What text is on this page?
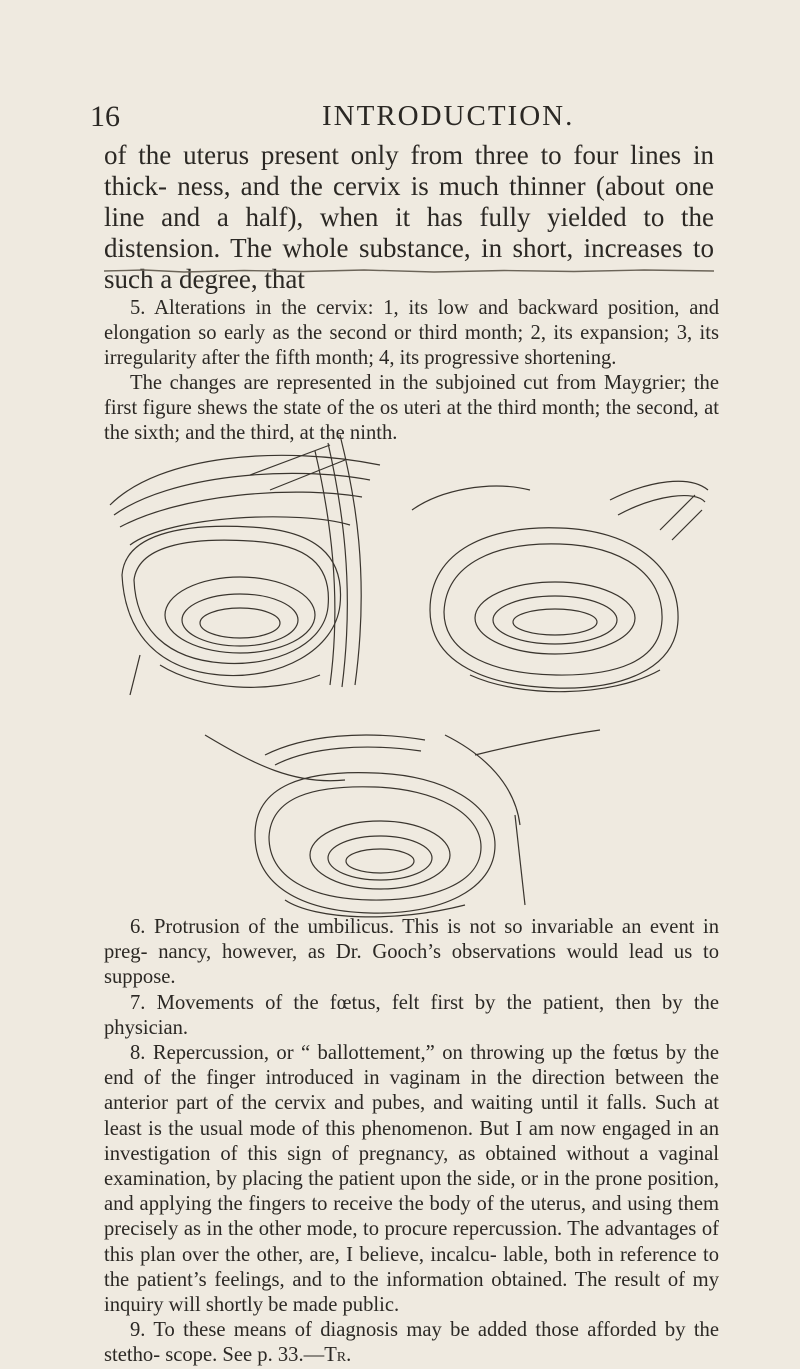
16	INTRODUCTION.

of the uterus present only from three to four lines in thick- ness, and the cervix is much thinner (about one line and a half), when it has fully yielded to the distension. The whole substance, in short, increases to such a degree, that

5. Alterations in the cervix: 1, its low and backward position, and elongation so early as the second or third month; 2, its expansion; 3, its irregularity after the fifth month; 4, its progressive shortening.

The changes are represented in the subjoined cut from Maygrier; the first figure shews the state of the os uteri at the third month; the second, at the sixth; and the third, at the ninth.

6. Protrusion of the umbilicus. This is not so invariable an event in preg- nancy, however, as Dr. Gooch’s observations would lead us to suppose.

7. Movements of the fœtus, felt first by the patient, then by the physician.

8. Repercussion, or “ ballottement,” on throwing up the fœtus by the end of the finger introduced in vaginam in the direction between the anterior part of the cervix and pubes, and waiting until it falls. Such at least is the usual mode of this phenomenon. But I am now engaged in an investigation of this sign of pregnancy, as obtained without a vaginal examination, by placing the patient upon the side, or in the prone position, and applying the fingers to receive the body of the uterus, and using them precisely as in the other mode, to procure repercussion. The advantages of this plan over the other, are, I believe, incalcu- lable, both in reference to the patient’s feelings, and to the information obtained. The result of my inquiry will shortly be made public.

9. To these means of diagnosis may be added those afforded by the stetho- scope. See p. 33.—Tr.
